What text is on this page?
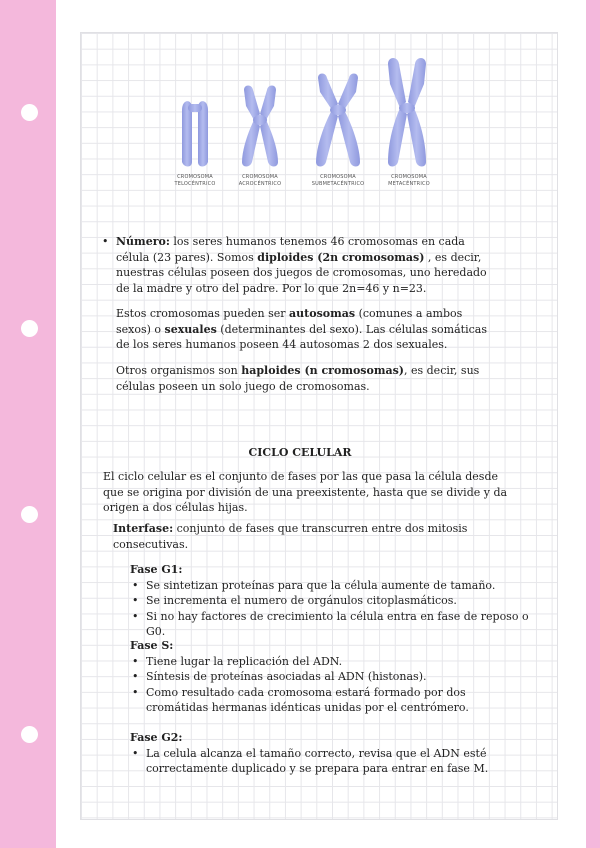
CROMOSOMA
TELOCÉNTRICO
CROMOSOMA
ACROCÉNTRICO
CROMOSOMA
SUBMETACÉNTRICO
CROMOSOMA
METACÉNTRICO
• Número: los seres humanos tenemos 46 cromosomas en cada célula (23 pares). Somos diploides (2n cromosomas) , es decir, nuestras células poseen dos juegos de cromosomas, uno heredado de la madre y otro del padre. Por lo que 2n=46 y n=23.
Estos cromosomas pueden ser autosomas (comunes a ambos sexos) o sexuales (determinantes del sexo). Las células somáticas de los seres humanos poseen 44 autosomas 2 dos sexuales.
Otros organismos son haploides (n cromosomas), es decir, sus células poseen un solo juego de cromosomas.
CICLO CELULAR
El ciclo celular es el conjunto de fases por las que pasa la célula desde que se origina por división de una preexistente, hasta que se divide y da origen a dos células hijas.
Interfase: conjunto de fases que transcurren entre dos mitosis consecutivas.
Fase G1:
• Se sintetizan proteínas para que la célula aumente de tamaño.
• Se incrementa el numero de orgánulos citoplasmáticos.
• Si no hay factores de crecimiento la célula entra en fase de reposo o G0.
Fase S:
• Tiene lugar la replicación del ADN.
• Síntesis de proteínas asociadas al ADN (histonas).
• Como resultado cada cromosoma estará formado por dos cromátidas hermanas idénticas unidas por el centrómero.
Fase G2:
• La celula alcanza el tamaño correcto, revisa que el ADN esté correctamente duplicado y se prepara para entrar en fase M.
